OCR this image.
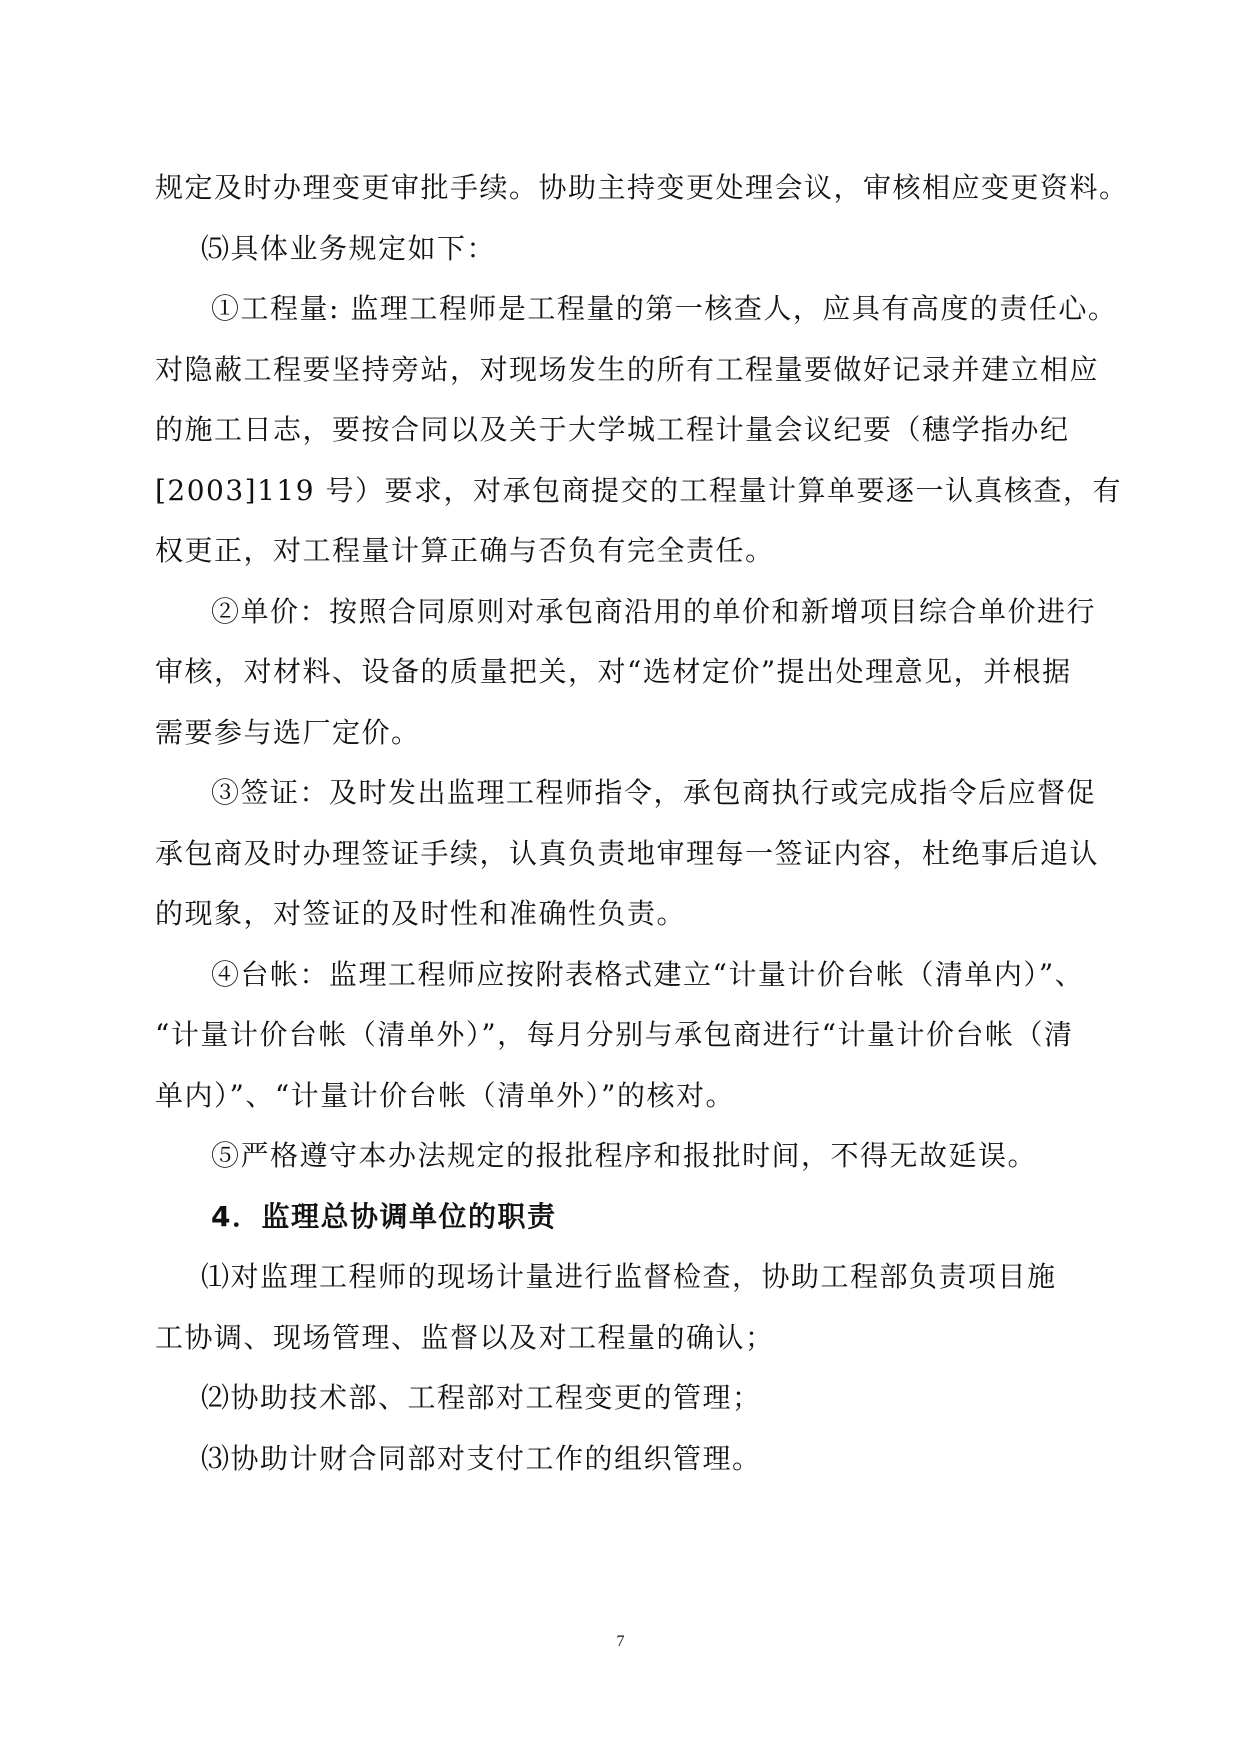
规定及时办理变更审批手续。协助主持变更处理会议，审核相应变更资料。
⑸具体业务规定如下：
①工程量: 监理工程师是工程量的第一核查人，应具有高度的责任心。
对隐蔽工程要坚持旁站，对现场发生的所有工程量要做好记录并建立相应
的施工日志，要按合同以及关于大学城工程计量会议纪要（穗学指办纪
[2003]119 号）要求，对承包商提交的工程量计算单要逐一认真核查，有
权更正，对工程量计算正确与否负有完全责任。
②单价：按照合同原则对承包商沿用的单价和新增项目综合单价进行
审核，对材料、设备的质量把关，对“选材定价”提出处理意见，并根据
需要参与选厂定价。
③签证：及时发出监理工程师指令，承包商执行或完成指令后应督促
承包商及时办理签证手续，认真负责地审理每一签证内容，杜绝事后追认
的现象，对签证的及时性和准确性负责。
④台帐：监理工程师应按附表格式建立“计量计价台帐（清单内）”、
“计量计价台帐（清单外）”，每月分别与承包商进行“计量计价台帐（清
单内）”、“计量计价台帐（清单外）”的核对。
⑤严格遵守本办法规定的报批程序和报批时间，不得无故延误。
4．监理总协调单位的职责
⑴对监理工程师的现场计量进行监督检查，协助工程部负责项目施
工协调、现场管理、监督以及对工程量的确认；
⑵协助技术部、工程部对工程变更的管理；
⑶协助计财合同部对支付工作的组织管理。
7
